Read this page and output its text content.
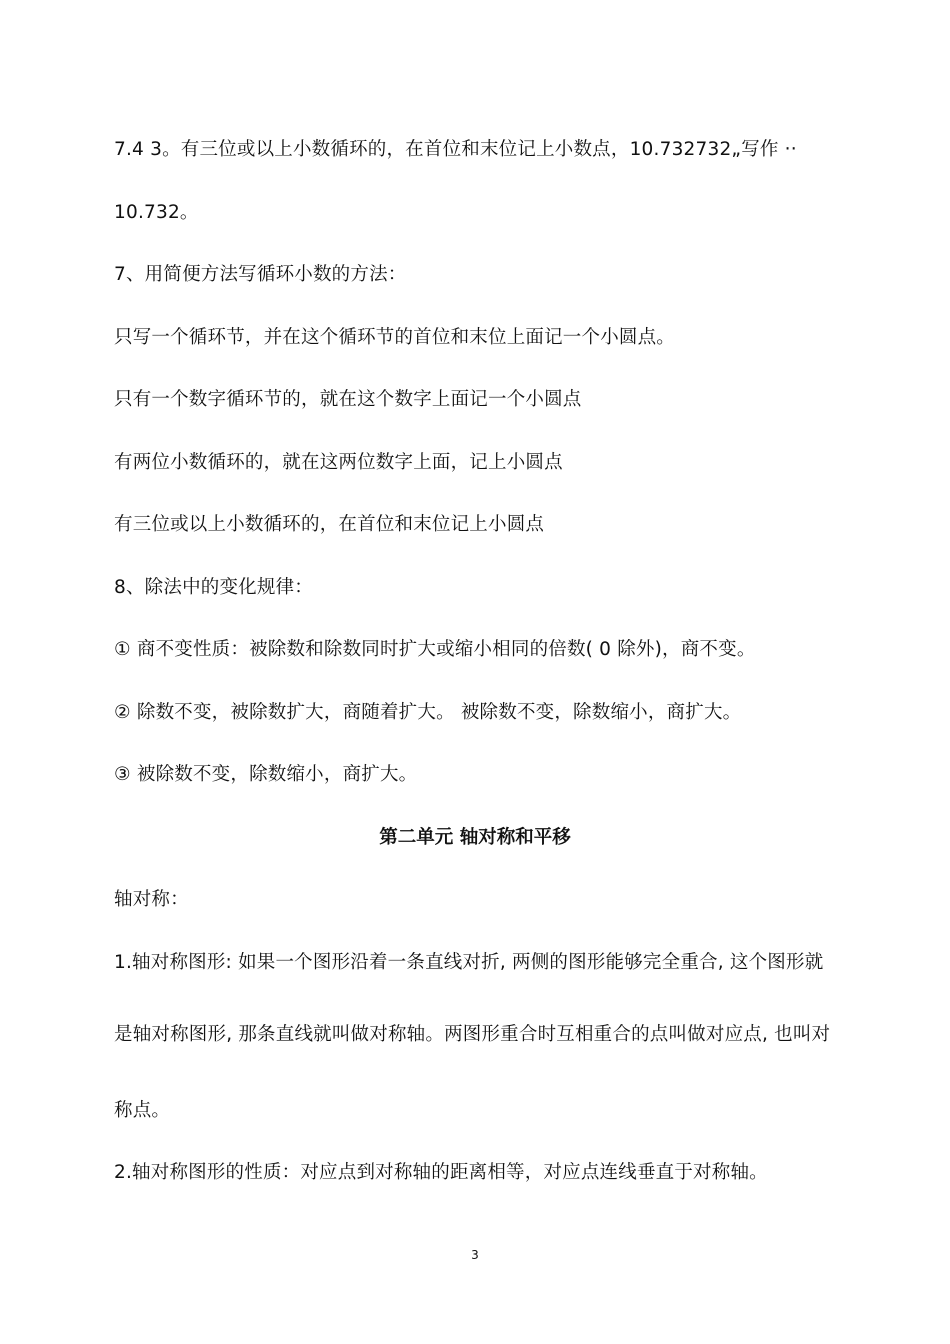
7.4 3。有三位或以上小数循环的，在首位和末位记上小数点，10.732732„写作 ··
10.732。
7、用简便方法写循环小数的方法：
只写一个循环节，并在这个循环节的首位和末位上面记一个小圆点。
只有一个数字循环节的，就在这个数字上面记一个小圆点
有两位小数循环的，就在这两位数字上面，记上小圆点
有三位或以上小数循环的，在首位和末位记上小圆点
8、除法中的变化规律：
① 商不变性质：被除数和除数同时扩大或缩小相同的倍数( 0 除外)，商不变。
② 除数不变，被除数扩大，商随着扩大。 被除数不变，除数缩小，商扩大。
③ 被除数不变，除数缩小，商扩大。
第二单元 轴对称和平移
轴对称：
1.轴对称图形: 如果一个图形沿着一条直线对折, 两侧的图形能够完全重合, 这个图形就
是轴对称图形, 那条直线就叫做对称轴。两图形重合时互相重合的点叫做对应点, 也叫对
称点。
2.轴对称图形的性质：对应点到对称轴的距离相等，对应点连线垂直于对称轴。
3
